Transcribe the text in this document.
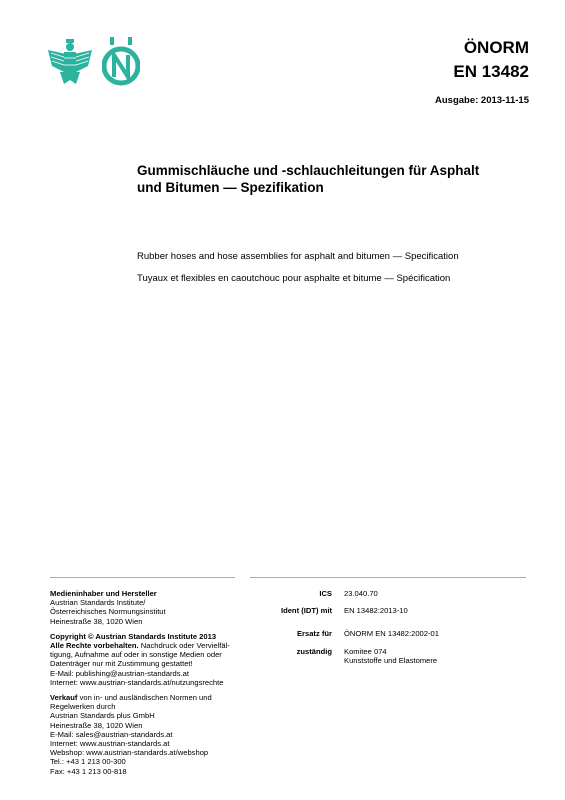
ÖNORM
EN 13482
Ausgabe: 2013-11-15
Gummischläuche und -schlauchleitungen für Asphalt
und Bitumen — Spezifikation
Rubber hoses and hose assemblies for asphalt and bitumen — Specification
Tuyaux et flexibles en caoutchouc pour asphalte et bitume — Spécification

Medieninhaber und Hersteller
Austrian Standards Institute/
Österreichisches Normungsinstitut
Heinestraße 38, 1020 Wien

Copyright © Austrian Standards Institute 2013
Alle Rechte vorbehalten. Nachdruck oder Vervielfäl-
tigung, Aufnahme auf oder in sonstige Medien oder
Datenträger nur mit Zustimmung gestattet!
E-Mail: publishing@austrian-standards.at
Internet: www.austrian-standards.at/nutzungsrechte

Verkauf von in- und ausländischen Normen und
Regelwerken durch
Austrian Standards plus GmbH
Heinestraße 38, 1020 Wien
E-Mail: sales@austrian-standards.at
Internet: www.austrian-standards.at
Webshop: www.austrian-standards.at/webshop
Tel.: +43 1 213 00-300
Fax: +43 1 213 00-818

ICS	23.040.70
Ident (IDT) mit	EN 13482:2013-10
Ersatz für	ÖNORM EN 13482:2002-01
zuständig	Komitee 074
Kunststoffe und Elastomere
